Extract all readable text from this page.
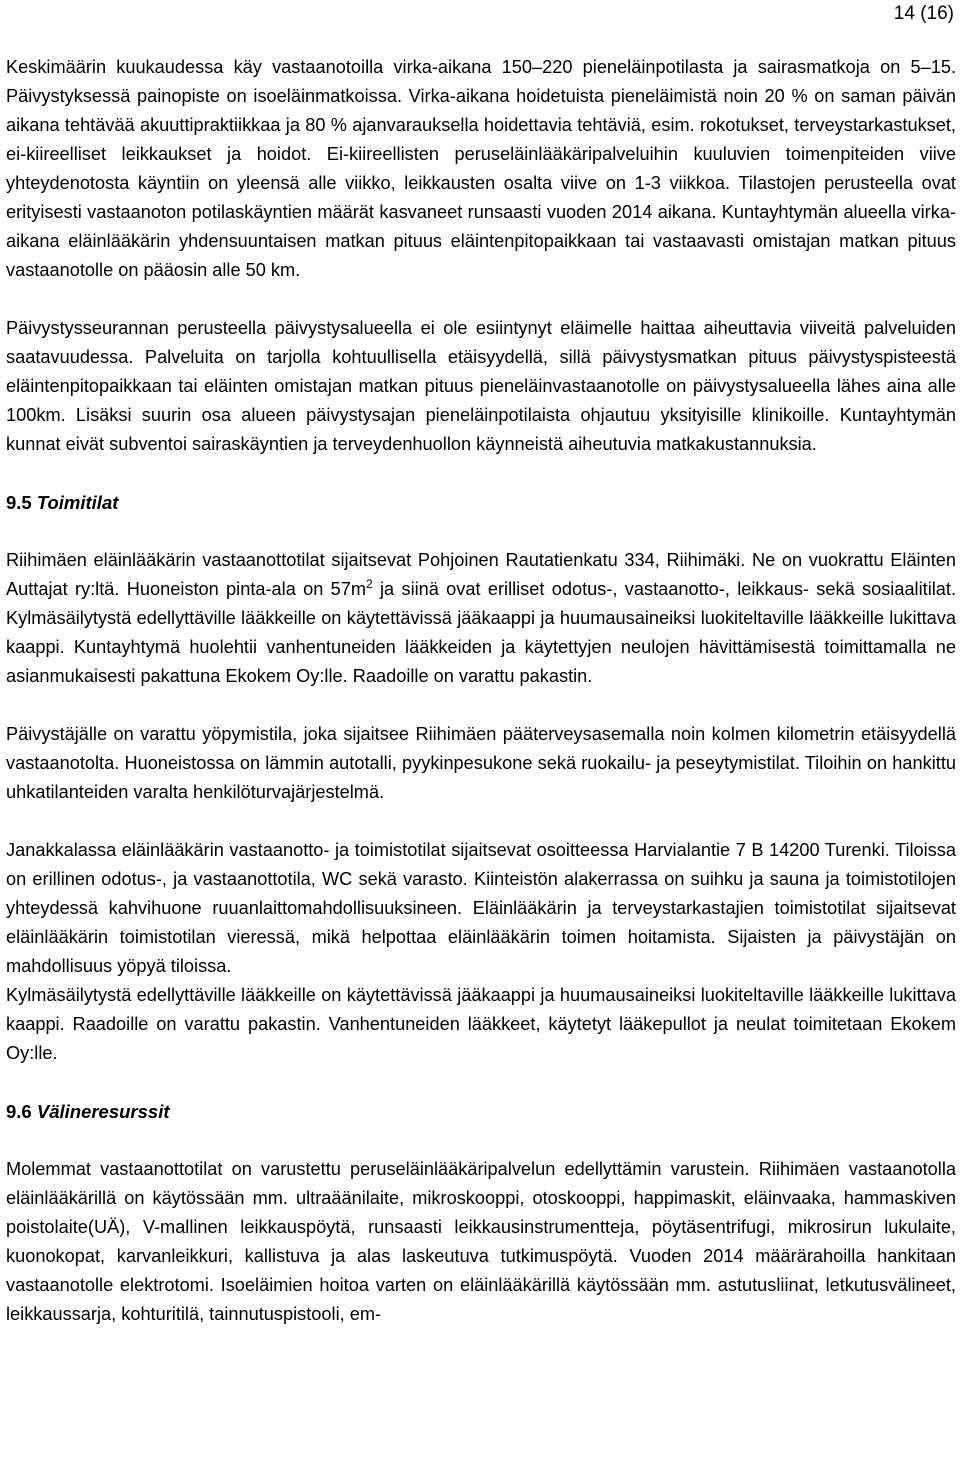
14 (16)

Keskimäärin kuukaudessa käy vastaanotoilla virka-aikana 150–220 pieneläinpotilasta ja sairasmatkoja on 5–15. Päivystyksessä painopiste on isoeläinmatkoissa. Virka-aikana hoidetuista pieneläimistä noin 20 % on saman päivän aikana tehtävää akuuttipraktiikkaa ja 80 % ajanvarauksella hoidettavia tehtäviä, esim. rokotukset, terveystarkastukset, ei-kiireelliset leikkaukset ja hoidot. Ei-kiireellisten peruseläinlääkäripalveluihin kuuluvien toimenpiteiden viive yhteydenotosta käyntiin on yleensä alle viikko, leikkausten osalta viive on 1-3 viikkoa. Tilastojen perusteella ovat erityisesti vastaanoton potilaskäyntien määrät kasvaneet runsaasti vuoden 2014 aikana. Kuntayhtymän alueella virka-aikana eläinlääkärin yhdensuuntaisen matkan pituus eläintenpitopaikkaan tai vastaavasti omistajan matkan pituus vastaanotolle on pääosin alle 50 km.

Päivystysseurannan perusteella päivystysalueella ei ole esiintynyt eläimelle haittaa aiheuttavia viiveitä palveluiden saatavuudessa. Palveluita on tarjolla kohtuullisella etäisyydellä, sillä päivystysmatkan pituus päivystyspisteestä eläintenpitopaikkaan tai eläinten omistajan matkan pituus pieneläinvastaanotolle on päivystysalueella lähes aina alle 100km. Lisäksi suurin osa alueen päivystysajan pieneläinpotilaista ohjautuu yksityisille klinikoille. Kuntayhtymän kunnat eivät subventoi sairaskäyntien ja terveydenhuollon käynneistä aiheutuvia matkakustannuksia.

9.5 Toimitilat

Riihimäen eläinlääkärin vastaanottotilat sijaitsevat Pohjoinen Rautatienkatu 334, Riihimäki. Ne on vuokrattu Eläinten Auttajat ry:ltä. Huoneiston pinta-ala on $57m^2$ ja siinä ovat erilliset odotus-, vastaanotto-, leikkaus- sekä sosiaalitilat. Kylmäsäilytystä edellyttäville lääkkeille on käytettävissä jääkaappi ja huumausaineiksi luokiteltaville lääkkeille lukittava kaappi. Kuntayhtymä huolehtii vanhentuneiden lääkkeiden ja käytettyjen neulojen hävittämisestä toimittamalla ne asianmukaisesti pakattuna Ekokem Oy:lle. Raadoille on varattu pakastin.

Päivystäjälle on varattu yöpymistila, joka sijaitsee Riihimäen pääterveysasemalla noin kolmen kilometrin etäisyydellä vastaanotolta. Huoneistossa on lämmin autotalli, pyykinpesukone sekä ruokailu- ja peseytymistilat. Tiloihin on hankittu uhkatilanteiden varalta henkilöturvajärjestelmä.

Janakkalassa eläinlääkärin vastaanotto- ja toimistotilat sijaitsevat osoitteessa Harvialantie 7 B 14200 Turenki. Tiloissa on erillinen odotus-, ja vastaanottotila, WC sekä varasto. Kiinteistön alakerrassa on suihku ja sauna ja toimistotilojen yhteydessä kahvihuone ruuanlaittomahdollisuuksineen. Eläinlääkärin ja terveystarkastajien toimistotilat sijaitsevat eläinlääkärin toimistotilan vieressä, mikä helpottaa eläinlääkärin toimen hoitamista. Sijaisten ja päivystäjän on mahdollisuus yöpyä tiloissa.

Kylmäsäilytystä edellyttäville lääkkeille on käytettävissä jääkaappi ja huumausaineiksi luokiteltaville lääkkeille lukittava kaappi. Raadoille on varattu pakastin. Vanhentuneiden lääkkeet, käytetyt lääkepullot ja neulat toimitetaan Ekokem Oy:lle.

9.6 Välineresurssit

Molemmat vastaanottotilat on varustettu peruseläinlääkäripalvelun edellyttämin varustein. Riihimäen vastaanotolla eläinlääkärillä on käytössään mm. ultraäänilaite, mikroskooppi, otoskooppi, happimaskit, eläinvaaka, hammaskiven poistolaite(UÄ), V-mallinen leikkauspöytä, runsaasti leikkausinstrumentteja, pöytäsentrifugi, mikrosirun lukulaite, kuonokopat, karvanleikkuri, kallistuva ja alas laskeutuva tutkimuspöytä. Vuoden 2014 määrärahoilla hankitaan vastaanotolle elektrotomi. Isoeläimien hoitoa varten on eläinlääkärillä käytössään mm. astutusliinat, letkutusvälineet, leikkaussarja, kohturitilä, tainnutuspistooli, em-
